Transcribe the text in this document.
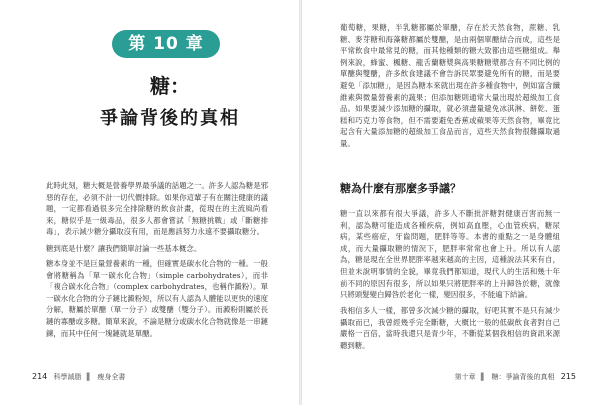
第 10 章
糖：
爭論背後的真相

此時此刻，糖大概是營養學界最爭議的話題之一。許多人認為糖是邪惡的存在，必須不計一切代價排除。如果你這輩子有在關注健康的議題，一定都看過很多完全排除糖的飲食計畫，從現在的主流風尚看來，糖似乎是一級毒品，很多人都會嘗試「無糖挑戰」或「斷糖排毒」，表示減少糖分攝取沒有用，而是應該努力永遠不要攝取糖分。

糖到底是什麼？讓我們簡單討論一些基本概念。

糖本身並不是巨量營養素的一種，但確實是碳水化合物的一種。一般會將糖稱為「單一碳水化合物」（simple carbohydrates），而非「複合碳水化合物」（complex carbohydrates，也稱作澱粉）。單一碳水化合物的分子鏈比澱粉短，所以有人認為人體能以更快的速度分解，糖屬於單醣（單一分子）或雙醣（雙分子）。而澱粉則屬於長鏈的寡醣或多糖。簡單來說，不論是糖分或碳水化合物就像是一串鏈鍊，而其中任何一塊鏈就是單醣。

214 科學減脂 ▌ 瘦身全書

葡萄糖，果糖，半乳糖都屬於單醣，存在於天然食物，蔗糖、乳糖、麥芽糖和海藻糖都屬於雙醣，是由兩個單醣結合而成，這些是平常飲食中最常見的糖，而其他種類的糖大致都由這些糖組成。舉例來說，蜂蜜、楓糖、龍舌蘭糖漿與高果糖糖漿都含有不同比例的單醣與雙醣，許多飲食建議不會告訴民眾要避免所有的糖，而是要避免「添加糖」，是因為糖本來就出現在許多種食物中，例如富含纖維素與微量營養素的蔬果；但添加糖則通常大量出現於超級加工食品。如果要減少添加糖的攝取，就必須盡量避免冰淇淋、餅乾、蛋糕和巧克力等食物，但不需要避免香蕉或蘋果等天然食物，畢竟比起含有大量添加糖的超級加工食品而言，這些天然食物很難攝取過量。

糖為什麼有那麼多爭議？

糖一直以來都有很大爭議，許多人不斷批評糖對健康百害而無一利，認為糖可能造成各種疾病，例如高血壓，心血管疾病，糖尿病，某些癌症，牙齒問題，肥胖等等。本書的重點之一是身體組成，而大量攝取糖的情況下，肥胖率常常也會上升。所以有人認為，糖是現在全世界肥胖率越來越高的主因，這種說法其來有自，但並未說明事情的全貌，畢竟我們都知道，現代人的生活和幾十年前不同的原因有很多，所以如果只將肥胖率的上升歸咎於糖，就像只將頭髮變白歸咎於老化一樣，變因很多，不能遍下結論。

我相信多人一樣，都曾多次減少糖的攝取，好吧其實不是只有減少攝取而已，我曾經幾乎完全斷糖，大概比一般的低碳飲食者對自己嚴格一百倍，當時我還只是青少年，不斷從某個我相信的資訊來源聽到糖。

第十章 ▌ 糖：爭論背後的真相 215
